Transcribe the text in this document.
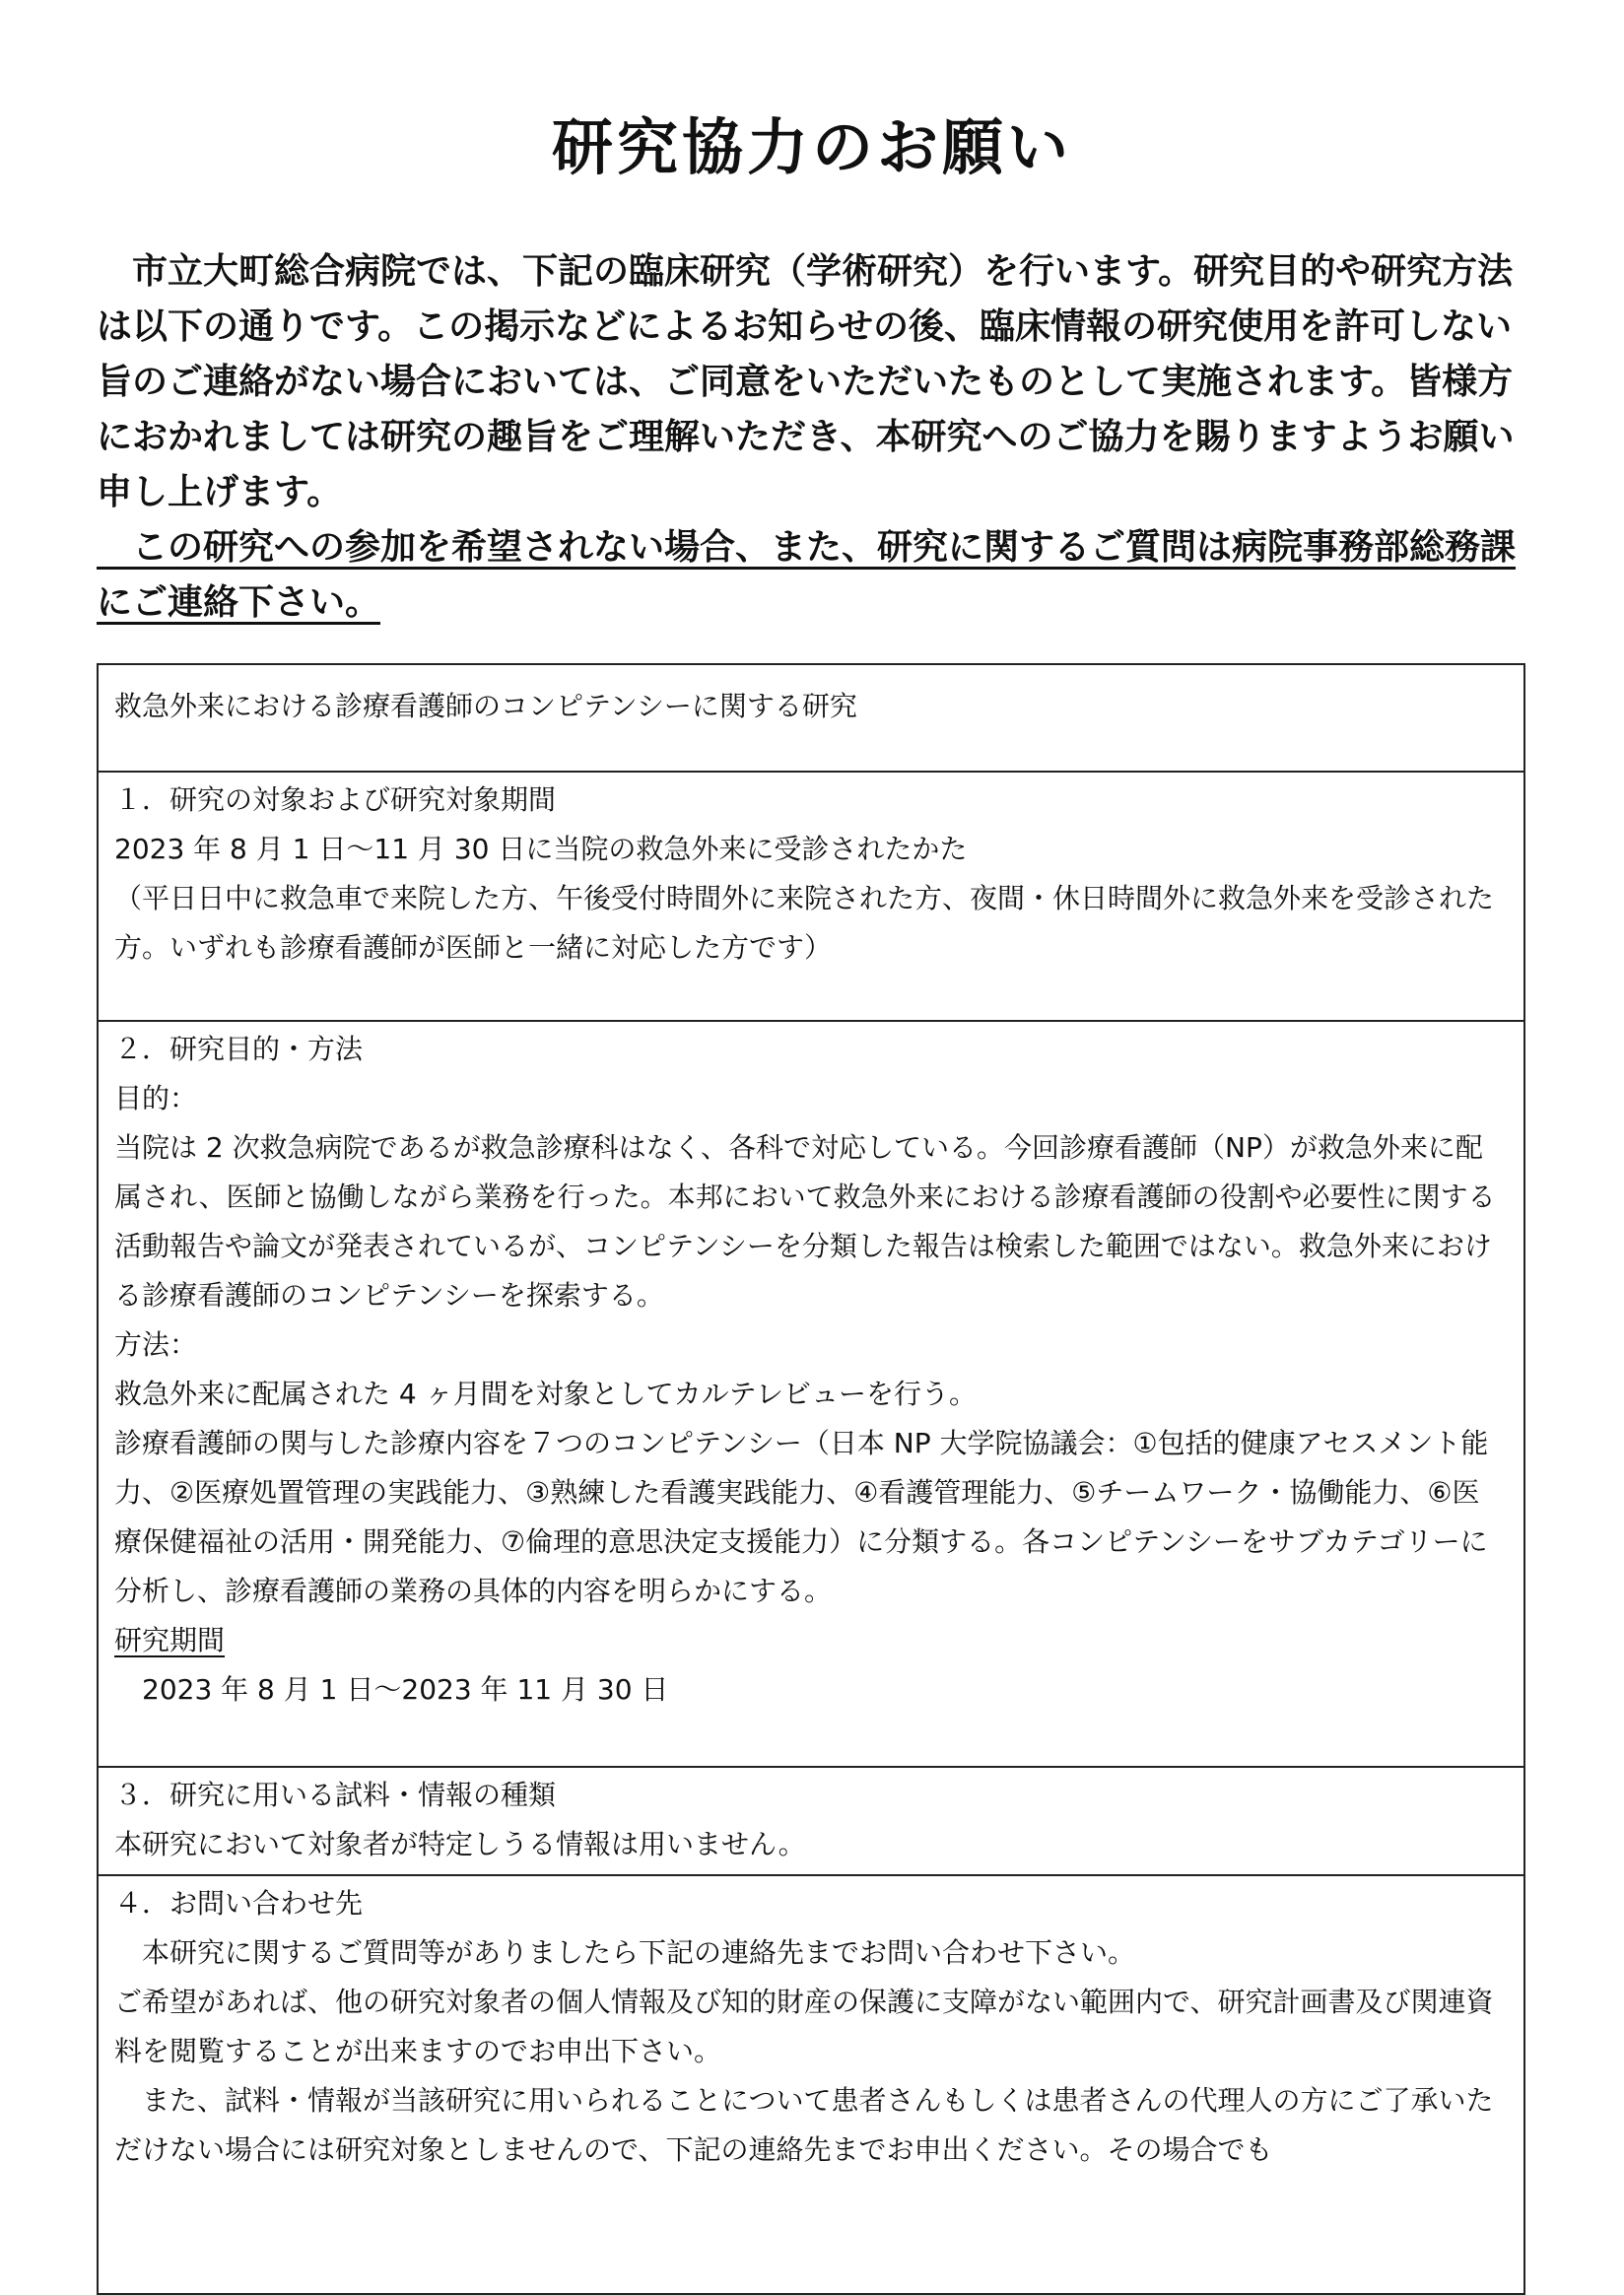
研究協力のお願い

　市立大町総合病院では、下記の臨床研究（学術研究）を行います。研究目的や研究方法は以下の通りです。この掲示などによるお知らせの後、臨床情報の研究使用を許可しない旨のご連絡がない場合においては、ご同意をいただいたものとして実施されます。皆様方におかれましては研究の趣旨をご理解いただき、本研究へのご協力を賜りますようお願い申し上げます。

　この研究への参加を希望されない場合、また、研究に関するご質問は病院事務部総務課にご連絡下さい。

救急外来における診療看護師のコンピテンシーに関する研究

１．研究の対象および研究対象期間

2023 年 8 月 1 日～11 月 30 日に当院の救急外来に受診されたかた

（平日日中に救急車で来院した方、午後受付時間外に来院された方、夜間・休日時間外に救急外来を受診された方。いずれも診療看護師が医師と一緒に対応した方です）

２．研究目的・方法

目的：

当院は 2 次救急病院であるが救急診療科はなく、各科で対応している。今回診療看護師（NP）が救急外来に配属され、医師と協働しながら業務を行った。本邦において救急外来における診療看護師の役割や必要性に関する活動報告や論文が発表されているが、コンピテンシーを分類した報告は検索した範囲ではない。救急外来における診療看護師のコンピテンシーを探索する。

方法：

救急外来に配属された 4 ヶ月間を対象としてカルテレビューを行う。

診療看護師の関与した診療内容を７つのコンピテンシー（日本 NP 大学院協議会：①包括的健康アセスメント能力、②医療処置管理の実践能力、③熟練した看護実践能力、④看護管理能力、⑤チームワーク・協働能力、⑥医療保健福祉の活用・開発能力、⑦倫理的意思決定支援能力）に分類する。各コンピテンシーをサブカテゴリーに分析し、診療看護師の業務の具体的内容を明らかにする。

研究期間

　2023 年 8 月 1 日～2023 年 11 月 30 日

３．研究に用いる試料・情報の種類

本研究において対象者が特定しうる情報は用いません。

４．お問い合わせ先

　本研究に関するご質問等がありましたら下記の連絡先までお問い合わせ下さい。

ご希望があれば、他の研究対象者の個人情報及び知的財産の保護に支障がない範囲内で、研究計画書及び関連資料を閲覧することが出来ますのでお申出下さい。

　また、試料・情報が当該研究に用いられることについて患者さんもしくは患者さんの代理人の方にご了承いただけない場合には研究対象としませんので、下記の連絡先までお申出ください。その場合でも
